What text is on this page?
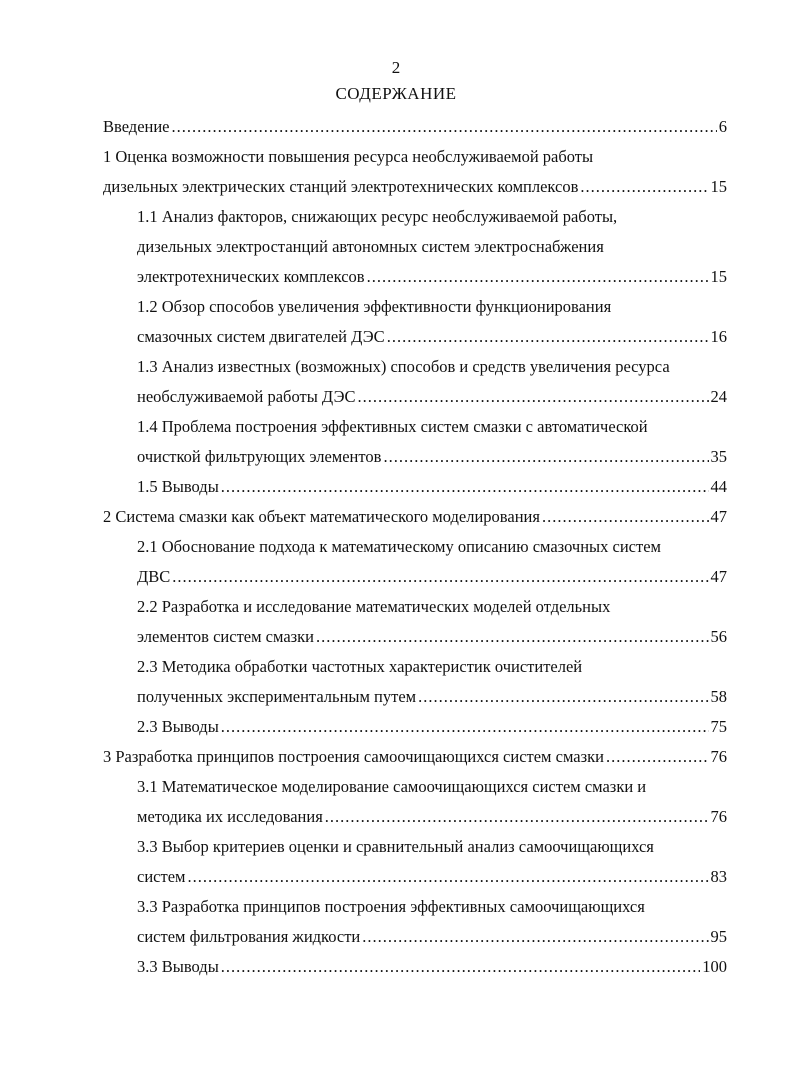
2
СОДЕРЖАНИЕ
Введение .....	6
1 Оценка возможности повышения ресурса необслуживаемой работы
дизельных электрических станций электротехнических комплексов .....	15
1.1 Анализ факторов, снижающих ресурс необслуживаемой работы,
дизельных электростанций автономных систем электроснабжения
электротехнических комплексов .....	15
1.2 Обзор способов увеличения эффективности функционирования
смазочных систем двигателей ДЭС .....	16
1.3 Анализ известных (возможных) способов и средств увеличения ресурса
необслуживаемой работы ДЭС .....	24
1.4 Проблема построения эффективных систем смазки с автоматической
очисткой фильтрующих элементов .....	35
1.5 Выводы .....	44
2 Система смазки как объект математического моделирования .....	47
2.1 Обоснование подхода к математическому описанию смазочных систем
ДВС .....	47
2.2 Разработка и исследование математических моделей отдельных
элементов систем смазки .....	56
2.3 Методика обработки частотных характеристик очистителей
полученных экспериментальным путем .....	58
2.3 Выводы .....	75
3 Разработка принципов построения самоочищающихся систем смазки .....	76
3.1 Математическое моделирование самоочищающихся систем смазки и
методика их исследования .....	76
3.3 Выбор критериев оценки и сравнительный анализ самоочищающихся
систем .....	83
3.3 Разработка принципов построения эффективных самоочищающихся
систем фильтрования жидкости .....	95
3.3 Выводы .....	100
